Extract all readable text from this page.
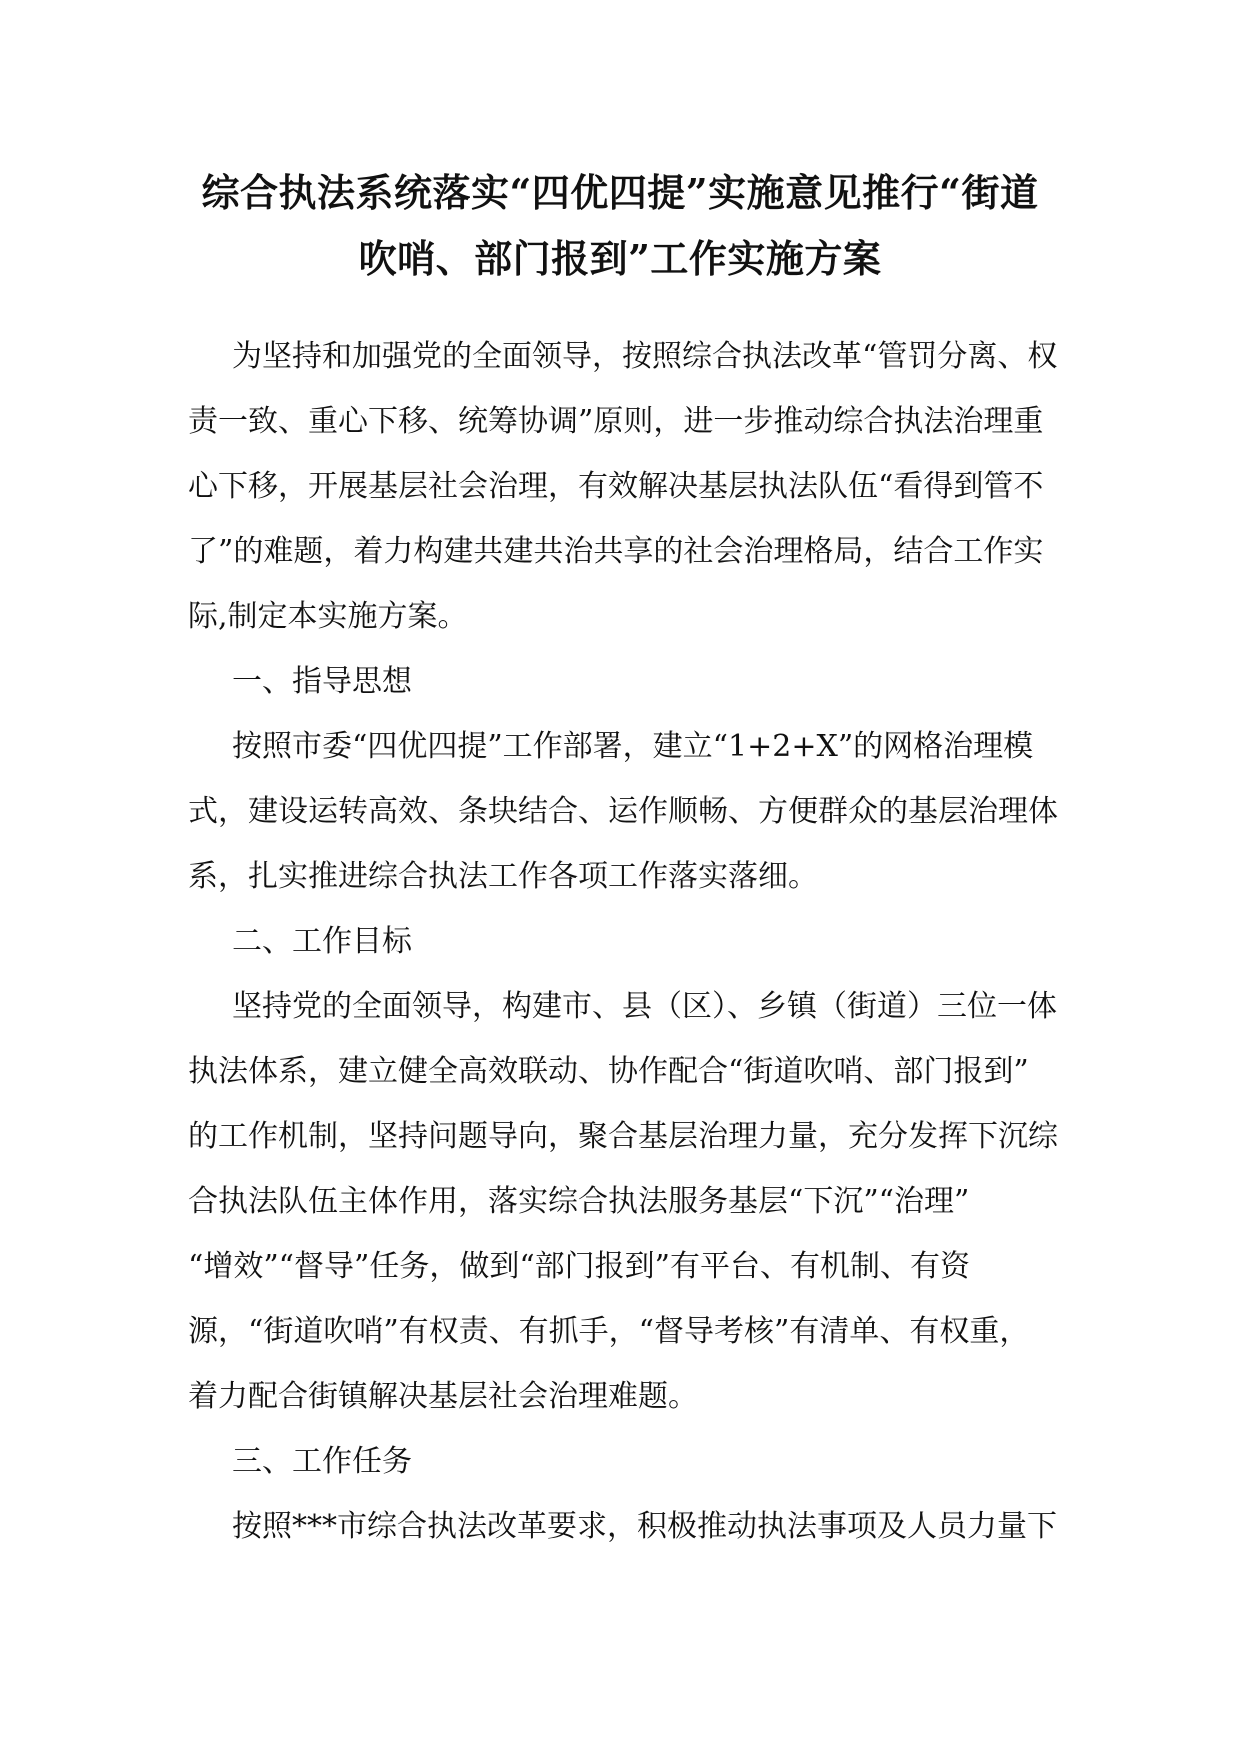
综合执法系统落实“四优四提”实施意见推行“街道
吹哨、部门报到”工作实施方案
为坚持和加强党的全面领导，按照综合执法改革“管罚分离、权
责一致、重心下移、统筹协调”原则，进一步推动综合执法治理重
心下移，开展基层社会治理，有效解决基层执法队伍“看得到管不
了”的难题，着力构建共建共治共享的社会治理格局，结合工作实
际,制定本实施方案。
一、指导思想
按照市委“四优四提”工作部署，建立“1+2+X”的网格治理模
式，建设运转高效、条块结合、运作顺畅、方便群众的基层治理体
系，扎实推进综合执法工作各项工作落实落细。
二、工作目标
坚持党的全面领导，构建市、县（区）、乡镇（街道）三位一体
执法体系，建立健全高效联动、协作配合“街道吹哨、部门报到”
的工作机制，坚持问题导向，聚合基层治理力量，充分发挥下沉综
合执法队伍主体作用，落实综合执法服务基层“下沉”“治理”
“增效”“督导”任务，做到“部门报到”有平台、有机制、有资
源，“街道吹哨”有权责、有抓手，“督导考核”有清单、有权重，
着力配合街镇解决基层社会治理难题。
三、工作任务
按照***市综合执法改革要求，积极推动执法事项及人员力量下
